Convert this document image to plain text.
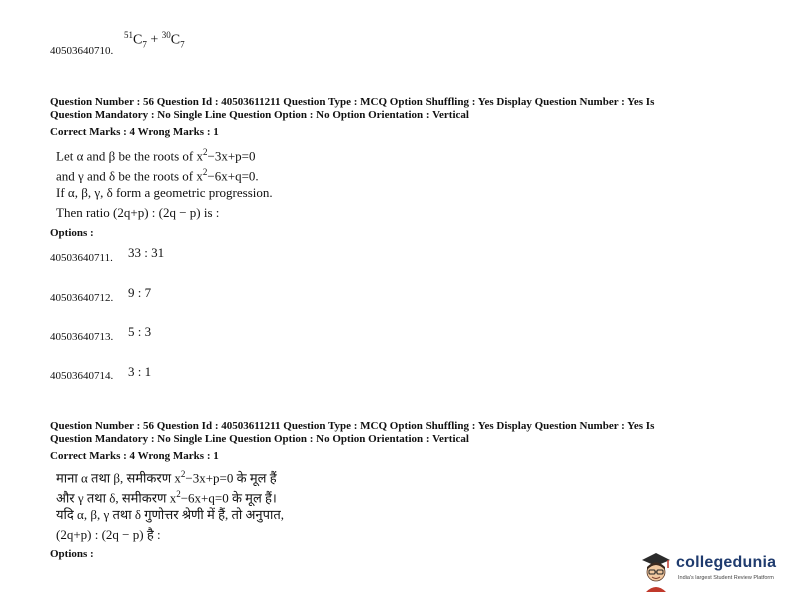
$^{51}C_7 + ^{30}C_7$
40503640710.
Question Number : 56 Question Id : 40503611211 Question Type : MCQ Option Shuffling : Yes Display Question Number : Yes Is
Question Mandatory : No Single Line Question Option : No Option Orientation : Vertical
Correct Marks : 4 Wrong Marks : 1
Let α and β be the roots of $x^2-3x+p=0$
and γ and δ be the roots of $x^2-6x+q=0$.
If α, β, γ, δ form a geometric progression.
Then ratio (2q+p) : (2q − p) is :
Options :
40503640711. 33 : 31
40503640712. 9 : 7
40503640713. 5 : 3
40503640714. 3 : 1
Question Number : 56 Question Id : 40503611211 Question Type : MCQ Option Shuffling : Yes Display Question Number : Yes Is
Question Mandatory : No Single Line Question Option : No Option Orientation : Vertical
Correct Marks : 4 Wrong Marks : 1
माना α तथा β, समीकरण $x^2-3x+p=0$ के मूल हैं
और γ तथा δ, समीकरण $x^2-6x+q=0$ के मूल हैं।
यदि α, β, γ तथा δ गुणोत्तर श्रेणी में हैं, तो अनुपात,
(2q+p) : (2q − p) है :
Options :	collegedunia
India's largest Student Review Platform
